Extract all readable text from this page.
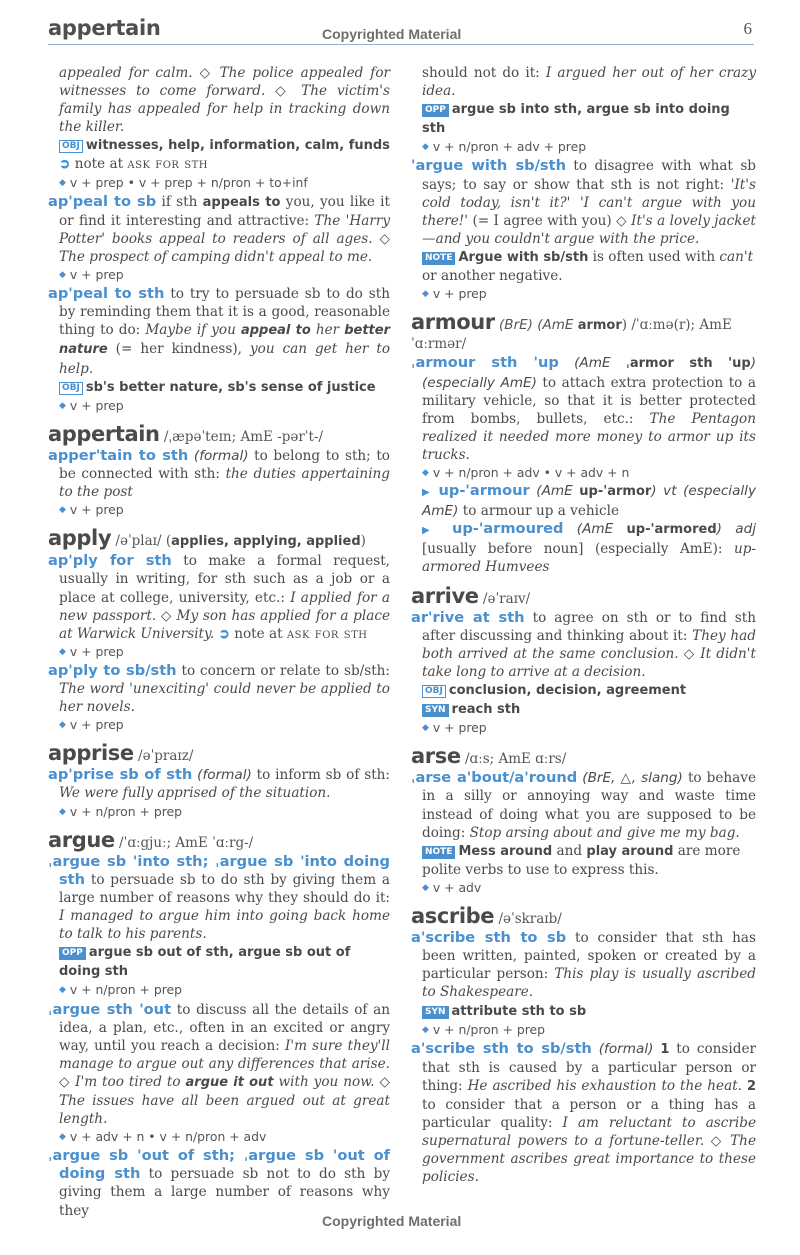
appertain	Copyrighted Material	6
appealed for calm. ◇ The police appealed for witnesses to come forward. ◇ The victim's family has appealed for help in tracking down the killer.
OBJ witnesses, help, information, calm, funds
➲ note at ask for sth
◆ v + prep • v + prep + n/pron + to+inf
ap'peal to sb if sth appeals to you, you like it or find it interesting and attractive: The 'Harry Potter' books appeal to readers of all ages. ◇ The prospect of camping didn't appeal to me.
◆ v + prep
ap'peal to sth to try to persuade sb to do sth by reminding them that it is a good, reasonable thing to do: Maybe if you appeal to her better nature (= her kindness), you can get her to help.
OBJ sb's better nature, sb's sense of justice
◆ v + prep
appertain /ˌæpəˈteɪn; AmE -pərˈt-/
apper'tain to sth (formal) to belong to sth; to be connected with sth: the duties appertaining to the post
◆ v + prep
apply /əˈplaɪ/ (applies, applying, applied)
ap'ply for sth to make a formal request, usually in writing, for sth such as a job or a place at college, university, etc.: I applied for a new passport. ◇ My son has applied for a place at Warwick University. ➲ note at ask for sth
◆ v + prep
ap'ply to sb/sth to concern or relate to sb/sth: The word 'unexciting' could never be applied to her novels.
◆ v + prep
apprise /əˈpraɪz/
ap'prise sb of sth (formal) to inform sb of sth: We were fully apprised of the situation.
◆ v + n/pron + prep
argue /ˈɑːgjuː; AmE ˈɑːrg-/
ˌargue sb 'into sth; ˌargue sb 'into doing sth to persuade sb to do sth by giving them a large number of reasons why they should do it: I managed to argue him into going back home to talk to his parents.
OPP argue sb out of sth, argue sb out of doing sth
◆ v + n/pron + prep
ˌargue sth 'out to discuss all the details of an idea, a plan, etc., often in an excited or angry way, until you reach a decision: I'm sure they'll manage to argue out any differences that arise. ◇ I'm too tired to argue it out with you now. ◇ The issues have all been argued out at great length.
◆ v + adv + n • v + n/pron + adv
ˌargue sb 'out of sth; ˌargue sb 'out of doing sth to persuade sb not to do sth by giving them a large number of reasons why they
should not do it: I argued her out of her crazy idea.
OPP argue sb into sth, argue sb into doing sth
◆ v + n/pron + adv + prep
'argue with sb/sth to disagree with what sb says; to say or show that sth is not right: 'It's cold today, isn't it?' 'I can't argue with you there!' (= I agree with you) ◇ It's a lovely jacket—and you couldn't argue with the price.
NOTE Argue with sb/sth is often used with can't or another negative.
◆ v + prep
armour (BrE) (AmE armor) /ˈɑːmə(r); AmE ˈɑːrmər/
ˌarmour sth 'up (AmE ˌarmor sth 'up) (especially AmE) to attach extra protection to a military vehicle, so that it is better protected from bombs, bullets, etc.: The Pentagon realized it needed more money to armor up its trucks.
◆ v + n/pron + adv • v + adv + n
▶ up-'armour (AmE up-'armor) vt (especially AmE) to armour up a vehicle
▶ up-'armoured (AmE up-'armored) adj [usually before noun] (especially AmE): up-armored Humvees
arrive /əˈraɪv/
ar'rive at sth to agree on sth or to find sth after discussing and thinking about it: They had both arrived at the same conclusion. ◇ It didn't take long to arrive at a decision.
OBJ conclusion, decision, agreement
SYN reach sth
◆ v + prep
arse /ɑːs; AmE ɑːrs/
ˌarse a'bout/a'round (BrE, △, slang) to behave in a silly or annoying way and waste time instead of doing what you are supposed to be doing: Stop arsing about and give me my bag.
NOTE Mess around and play around are more polite verbs to use to express this.
◆ v + adv
ascribe /əˈskraɪb/
a'scribe sth to sb to consider that sth has been written, painted, spoken or created by a particular person: This play is usually ascribed to Shakespeare.
SYN attribute sth to sb
◆ v + n/pron + prep
a'scribe sth to sb/sth (formal) 1 to consider that sth is caused by a particular person or thing: He ascribed his exhaustion to the heat. 2 to consider that a person or a thing has a particular quality: I am reluctant to ascribe supernatural powers to a fortune-teller. ◇ The government ascribes great importance to these policies.
Copyrighted Material
